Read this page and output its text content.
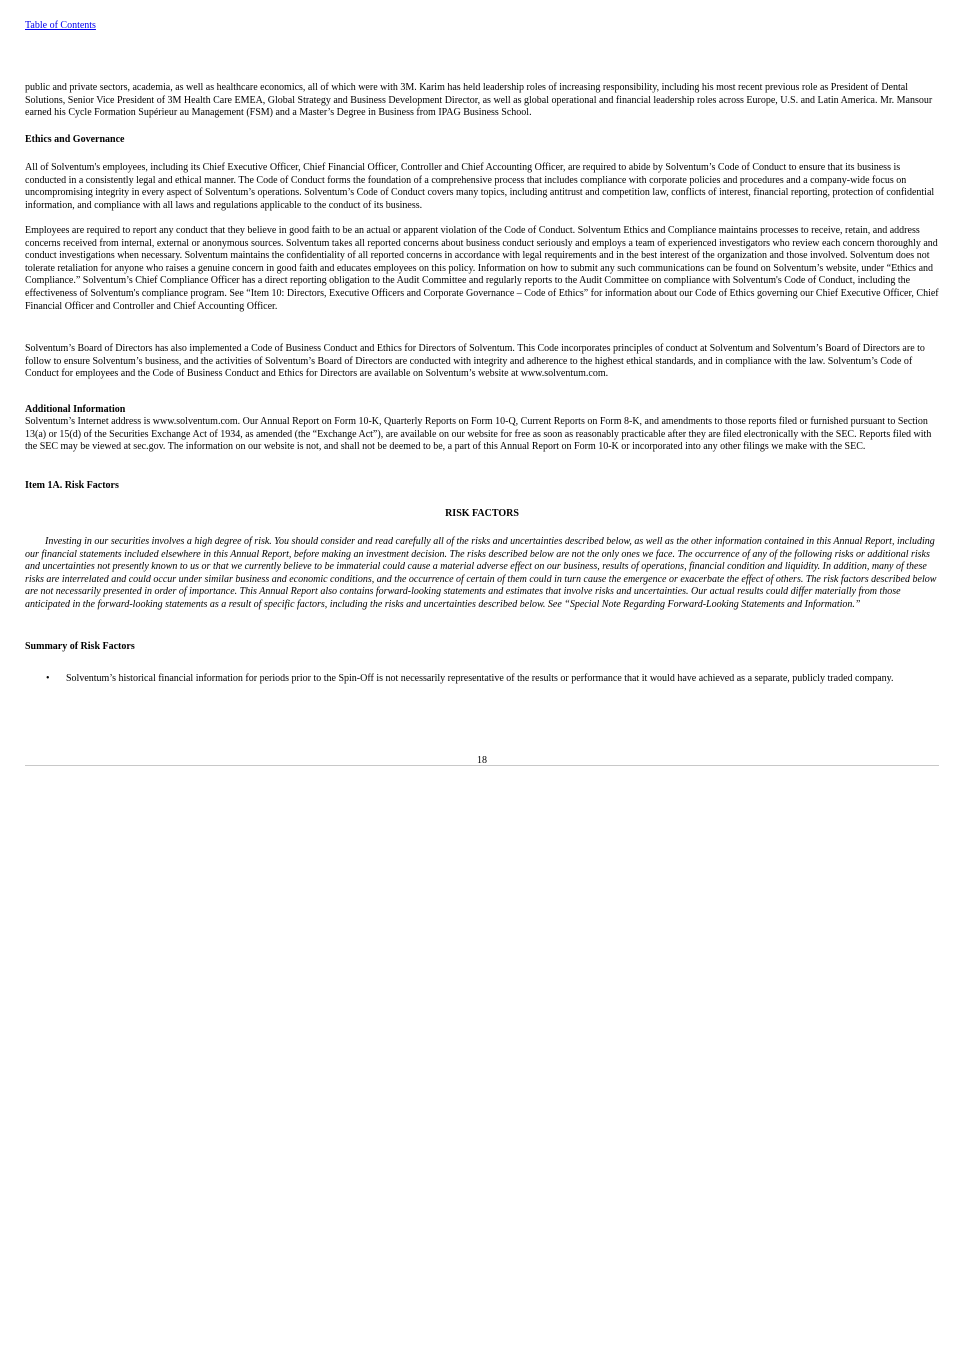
Table of Contents

public and private sectors, academia, as well as healthcare economics, all of which were with 3M. Karim has held leadership roles of increasing responsibility, including his most recent previous role as President of Dental Solutions, Senior Vice President of 3M Health Care EMEA, Global Strategy and Business Development Director, as well as global operational and financial leadership roles across Europe, U.S. and Latin America. Mr. Mansour earned his Cycle Formation Supérieur au Management (FSM) and a Master’s Degree in Business from IPAG Business School.

Ethics and Governance

All of Solventum's employees, including its Chief Executive Officer, Chief Financial Officer, Controller and Chief Accounting Officer, are required to abide by Solventum’s Code of Conduct to ensure that its business is conducted in a consistently legal and ethical manner. The Code of Conduct forms the foundation of a comprehensive process that includes compliance with corporate policies and procedures and a company-wide focus on uncompromising integrity in every aspect of Solventum’s operations. Solventum’s Code of Conduct covers many topics, including antitrust and competition law, conflicts of interest, financial reporting, protection of confidential information, and compliance with all laws and regulations applicable to the conduct of its business.

Employees are required to report any conduct that they believe in good faith to be an actual or apparent violation of the Code of Conduct. Solventum Ethics and Compliance maintains processes to receive, retain, and address concerns received from internal, external or anonymous sources. Solventum takes all reported concerns about business conduct seriously and employs a team of experienced investigators who review each concern thoroughly and conduct investigations when necessary. Solventum maintains the confidentiality of all reported concerns in accordance with legal requirements and in the best interest of the organization and those involved. Solventum does not tolerate retaliation for anyone who raises a genuine concern in good faith and educates employees on this policy. Information on how to submit any such communications can be found on Solventum’s website, under “Ethics and Compliance.” Solventum’s Chief Compliance Officer has a direct reporting obligation to the Audit Committee and regularly reports to the Audit Committee on compliance with Solventum's Code of Conduct, including the effectiveness of Solventum's compliance program. See “Item 10: Directors, Executive Officers and Corporate Governance – Code of Ethics” for information about our Code of Ethics governing our Chief Executive Officer, Chief Financial Officer and Controller and Chief Accounting Officer.

Solventum’s Board of Directors has also implemented a Code of Business Conduct and Ethics for Directors of Solventum. This Code incorporates principles of conduct at Solventum and Solventum’s Board of Directors are to follow to ensure Solventum’s business, and the activities of Solventum’s Board of Directors are conducted with integrity and adherence to the highest ethical standards, and in compliance with the law. Solventum’s Code of Conduct for employees and the Code of Business Conduct and Ethics for Directors are available on Solventum’s website at www.solventum.com.

Additional Information

Solventum’s Internet address is www.solventum.com. Our Annual Report on Form 10-K, Quarterly Reports on Form 10-Q, Current Reports on Form 8-K, and amendments to those reports filed or furnished pursuant to Section 13(a) or 15(d) of the Securities Exchange Act of 1934, as amended (the “Exchange Act”), are available on our website for free as soon as reasonably practicable after they are filed electronically with the SEC. Reports filed with the SEC may be viewed at sec.gov. The information on our website is not, and shall not be deemed to be, a part of this Annual Report on Form 10-K or incorporated into any other filings we make with the SEC.

Item 1A. Risk Factors

RISK FACTORS

Investing in our securities involves a high degree of risk. You should consider and read carefully all of the risks and uncertainties described below, as well as the other information contained in this Annual Report, including our financial statements included elsewhere in this Annual Report, before making an investment decision. The risks described below are not the only ones we face. The occurrence of any of the following risks or additional risks and uncertainties not presently known to us or that we currently believe to be immaterial could cause a material adverse effect on our business, results of operations, financial condition and liquidity. In addition, many of these risks are interrelated and could occur under similar business and economic conditions, and the occurrence of certain of them could in turn cause the emergence or exacerbate the effect of others. The risk factors described below are not necessarily presented in order of importance. This Annual Report also contains forward-looking statements and estimates that involve risks and uncertainties. Our actual results could differ materially from those anticipated in the forward-looking statements as a result of specific factors, including the risks and uncertainties described below. See “Special Note Regarding Forward-Looking Statements and Information.”

Summary of Risk Factors

• Solventum’s historical financial information for periods prior to the Spin-Off is not necessarily representative of the results or performance that it would have achieved as a separate, publicly traded company.

18
